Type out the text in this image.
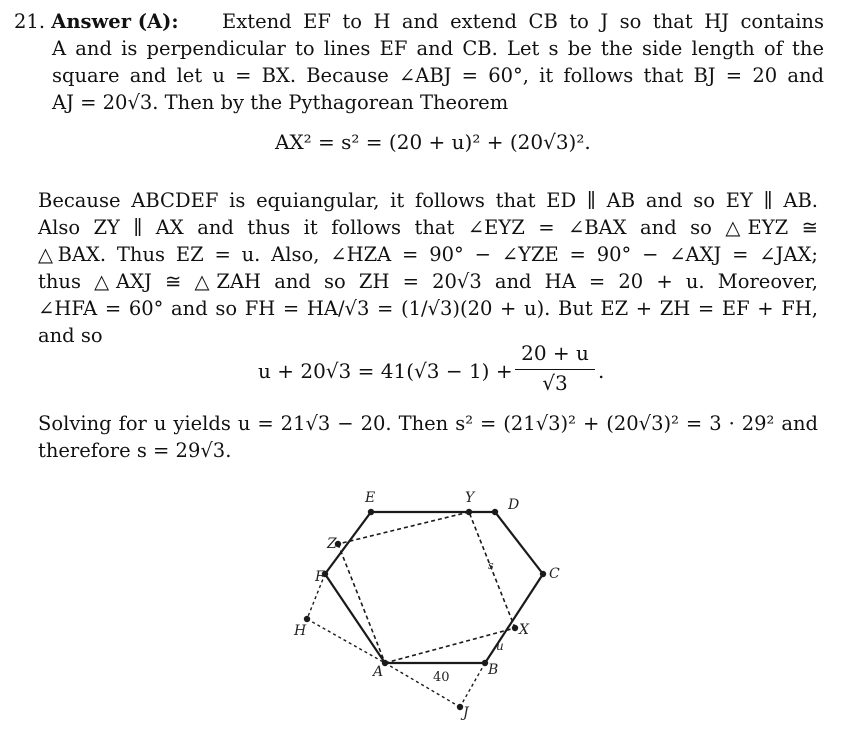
21. Answer (A): Extend EF to H and extend CB to J so that HJ contains
A and is perpendicular to lines EF and CB. Let s be the side length of the
square and let u = BX. Because ∠ABJ = 60°, it follows that BJ = 20 and
AJ = 20√3. Then by the Pythagorean Theorem
AX² = s² = (20 + u)² + (20√3)².
Because ABCDEF is equiangular, it follows that ED ∥ AB and so EY ∥ AB.
Also ZY ∥ AX and thus it follows that ∠EYZ = ∠BAX and so △EYZ ≅
△BAX. Thus EZ = u. Also, ∠HZA = 90° − ∠YZE = 90° − ∠AXJ = ∠JAX;
thus △AXJ ≅ △ZAH and so ZH = 20√3 and HA = 20 + u. Moreover,
∠HFA = 60° and so FH = HA/√3 = (1/√3)(20 + u). But EZ + ZH = EF + FH,
and so
u + 20√3 = 41(√3 − 1) +
20 + u
√3	.
Solving for u yields u = 21√3 − 20. Then s² = (21√3)² + (20√3)² = 3 · 29² and
therefore s = 29√3.
E	Y D
Z
C
F
s
H	X
u
A	B
40
J
